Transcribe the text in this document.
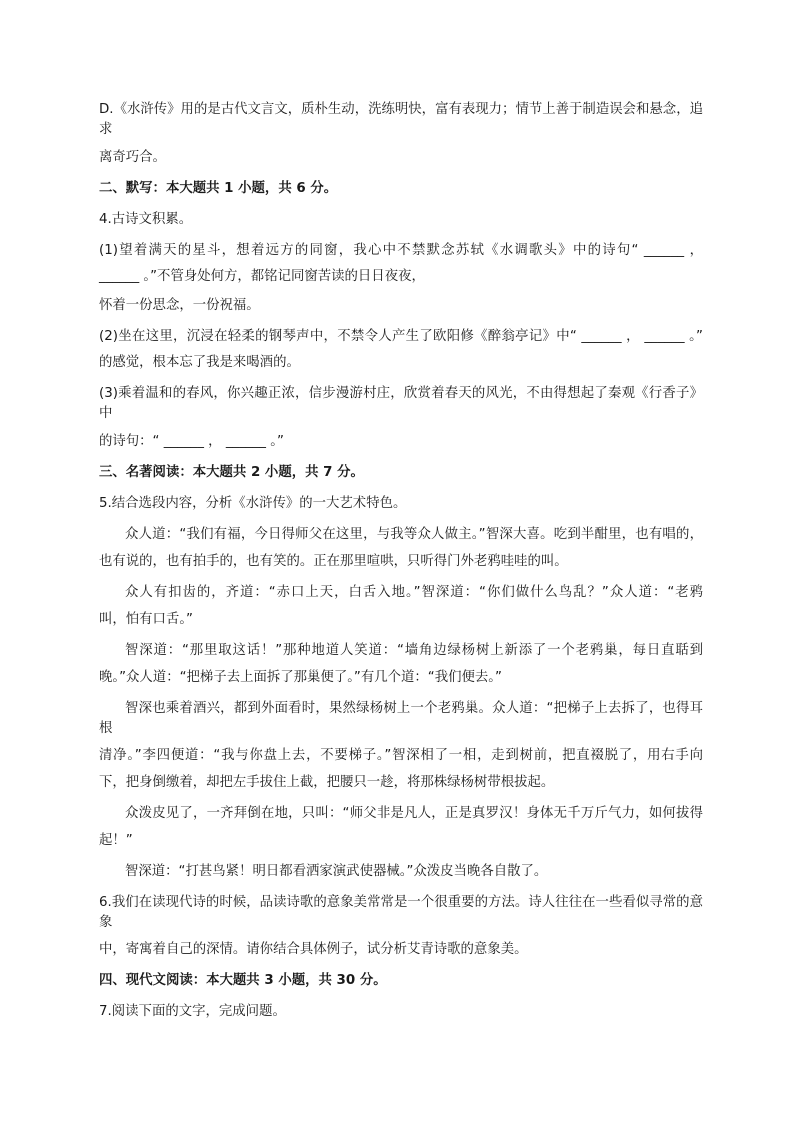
D.《水浒传》用的是古代文言文，质朴生动，洗练明快，富有表现力；情节上善于制造误会和悬念，追求
离奇巧合。
二、默写：本大题共 1 小题，共 6 分。
4.古诗文积累。
(1)望着满天的星斗，想着远方的同窗，我心中不禁默念苏轼《水调歌头》中的诗句“ ______ ，
______ 。”不管身处何方，都铭记同窗苦读的日日夜夜，
怀着一份思念，一份祝福。
(2)坐在这里，沉浸在轻柔的钢琴声中，不禁令人产生了欧阳修《醉翁亭记》中“ ______ ， ______ 。”
的感觉，根本忘了我是来喝酒的。
(3)乘着温和的春风，你兴趣正浓，信步漫游村庄，欣赏着春天的风光，不由得想起了秦观《行香子》中
的诗句：“ ______ ， ______ 。”
三、名著阅读：本大题共 2 小题，共 7 分。
5.结合选段内容，分析《水浒传》的一大艺术特色。
众人道：“我们有福，今日得师父在这里，与我等众人做主。”智深大喜。吃到半酣里，也有唱的，
也有说的，也有拍手的，也有笑的。正在那里喧哄，只听得门外老鸦哇哇的叫。
众人有扣齿的，齐道：“赤口上天，白舌入地。”智深道：“你们做什么鸟乱？”众人道：“老鸦
叫，怕有口舌。”
智深道：“那里取这话！”那种地道人笑道：“墙角边绿杨树上新添了一个老鸦巢，每日直聒到
晚。”众人道：“把梯子去上面拆了那巢便了。”有几个道：“我们便去。”
智深也乘着酒兴，都到外面看时，果然绿杨树上一个老鸦巢。众人道：“把梯子上去拆了，也得耳根
清净。”李四便道：“我与你盘上去，不要梯子。”智深相了一相，走到树前，把直裰脱了，用右手向
下，把身倒缴着，却把左手拔住上截，把腰只一趁，将那株绿杨树带根拔起。
众泼皮见了，一齐拜倒在地，只叫：“师父非是凡人，正是真罗汉！身体无千万斤气力，如何拔得
起！”
智深道：“打甚鸟紧！明日都看洒家演武使器械。”众泼皮当晚各自散了。
6.我们在读现代诗的时候，品读诗歌的意象美常常是一个很重要的方法。诗人往往在一些看似寻常的意象
中，寄寓着自己的深情。请你结合具体例子，试分析艾青诗歌的意象美。
四、现代文阅读：本大题共 3 小题，共 30 分。
7.阅读下面的文字，完成问题。
